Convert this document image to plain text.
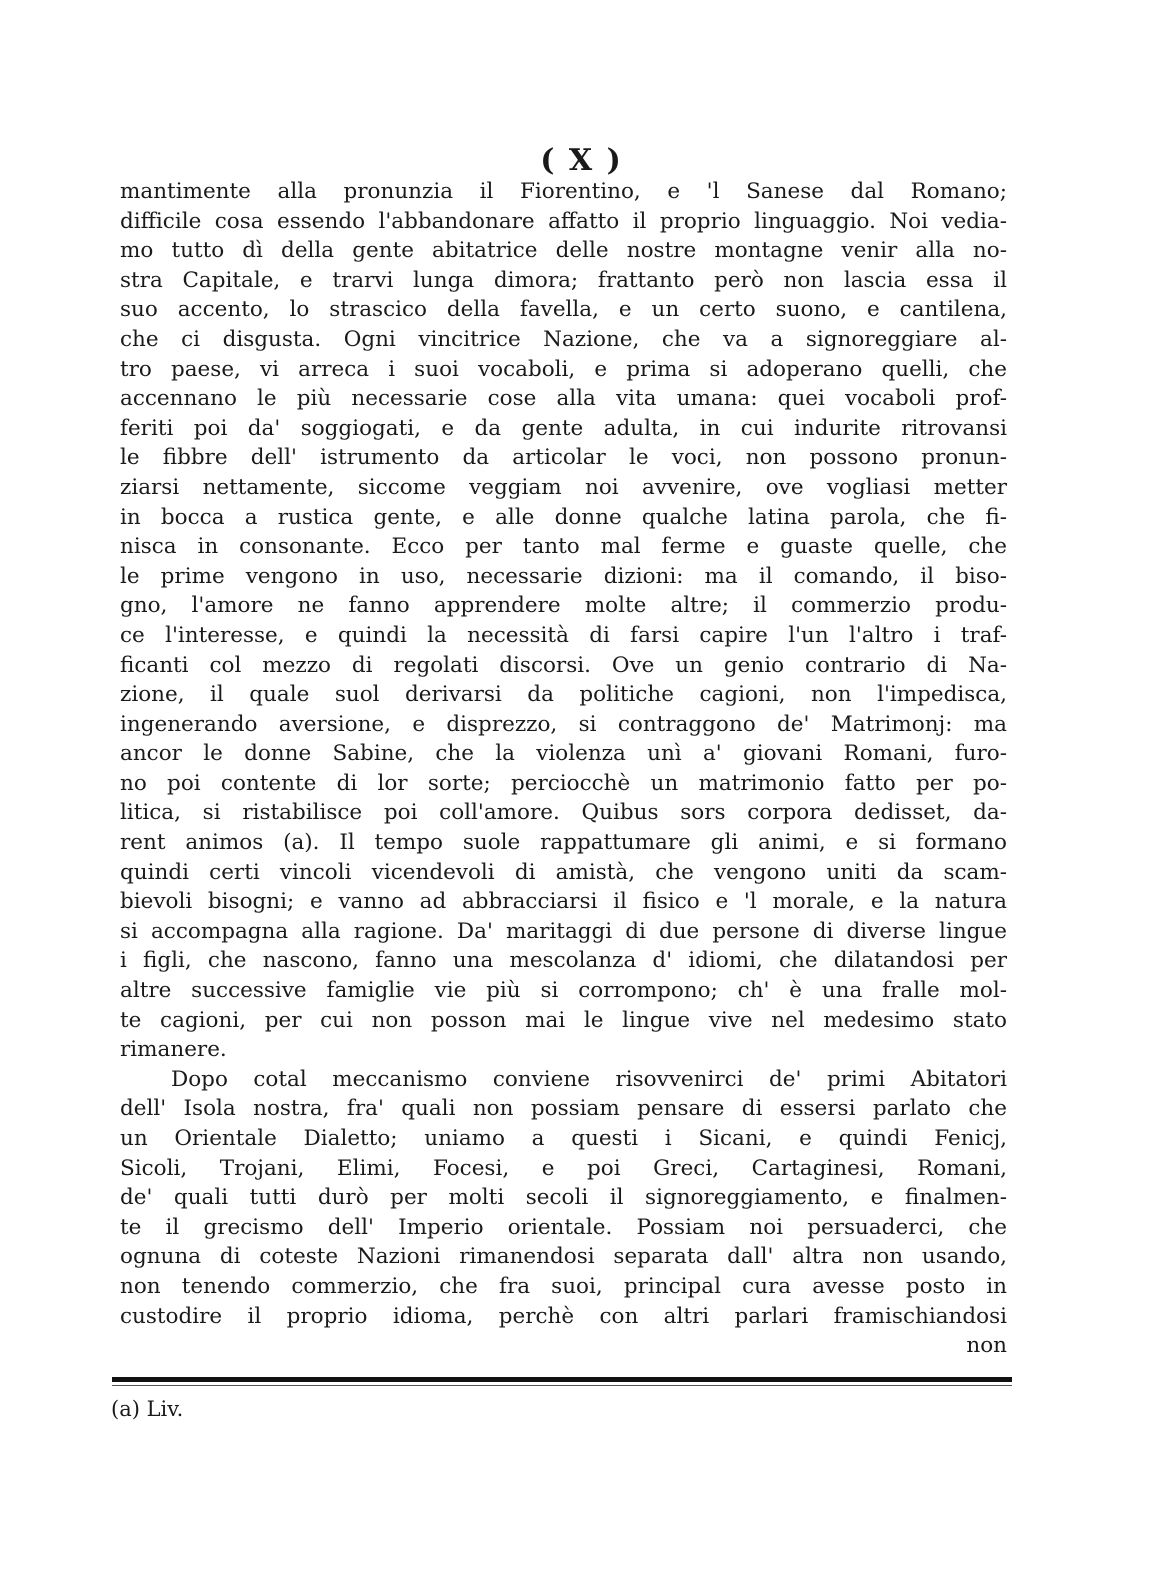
( X )
mantimente alla pronunzia il Fiorentino, e 'l Sanese dal Romano;
difficile cosa essendo l'abbandonare affatto il proprio linguaggio. Noi vedia-
mo tutto dì della gente abitatrice delle nostre montagne venir alla no-
stra Capitale, e trarvi lunga dimora; frattanto però non lascia essa il
suo accento, lo strascico della favella, e un certo suono, e cantilena,
che ci disgusta. Ogni vincitrice Nazione, che va a signoreggiare al-
tro paese, vi arreca i suoi vocaboli, e prima si adoperano quelli, che
accennano le più necessarie cose alla vita umana: quei vocaboli prof-
feriti poi da' soggiogati, e da gente adulta, in cui indurite ritrovansi
le fibbre dell' istrumento da articolar le voci, non possono pronun-
ziarsi nettamente, siccome veggiam noi avvenire, ove vogliasi metter
in bocca a rustica gente, e alle donne qualche latina parola, che fi-
nisca in consonante. Ecco per tanto mal ferme e guaste quelle, che
le prime vengono in uso, necessarie dizioni: ma il comando, il biso-
gno, l'amore ne fanno apprendere molte altre; il commerzio produ-
ce l'interesse, e quindi la necessità di farsi capire l'un l'altro i traf-
ficanti col mezzo di regolati discorsi. Ove un genio contrario di Na-
zione, il quale suol derivarsi da politiche cagioni, non l'impedisca,
ingenerando aversione, e disprezzo, si contraggono de' Matrimonj: ma
ancor le donne Sabine, che la violenza unì a' giovani Romani, furo-
no poi contente di lor sorte; perciocchè un matrimonio fatto per po-
litica, si ristabilisce poi coll'amore. Quibus sors corpora dedisset, da-
rent animos (a). Il tempo suole rappattumare gli animi, e si formano
quindi certi vincoli vicendevoli di amistà, che vengono uniti da scam-
bievoli bisogni; e vanno ad abbracciarsi il fisico e 'l morale, e la natura
si accompagna alla ragione. Da' maritaggi di due persone di diverse lingue
i figli, che nascono, fanno una mescolanza d' idiomi, che dilatandosi per
altre successive famiglie vie più si corrompono; ch' è una fralle mol-
te cagioni, per cui non posson mai le lingue vive nel medesimo stato
rimanere.
Dopo cotal meccanismo conviene risovvenirci de' primi Abitatori
dell' Isola nostra, fra' quali non possiam pensare di essersi parlato che
un Orientale Dialetto; uniamo a questi i Sicani, e quindi Fenicj,
Sicoli, Trojani, Elimi, Focesi, e poi Greci, Cartaginesi, Romani,
de' quali tutti durò per molti secoli il signoreggiamento, e finalmen-
te il grecismo dell' Imperio orientale. Possiam noi persuaderci, che
ognuna di coteste Nazioni rimanendosi separata dall' altra non usando,
non tenendo commerzio, che fra suoi, principal cura avesse posto in
custodire il proprio idioma, perchè con altri parlari framischiandosi
non
(a) Liv.
